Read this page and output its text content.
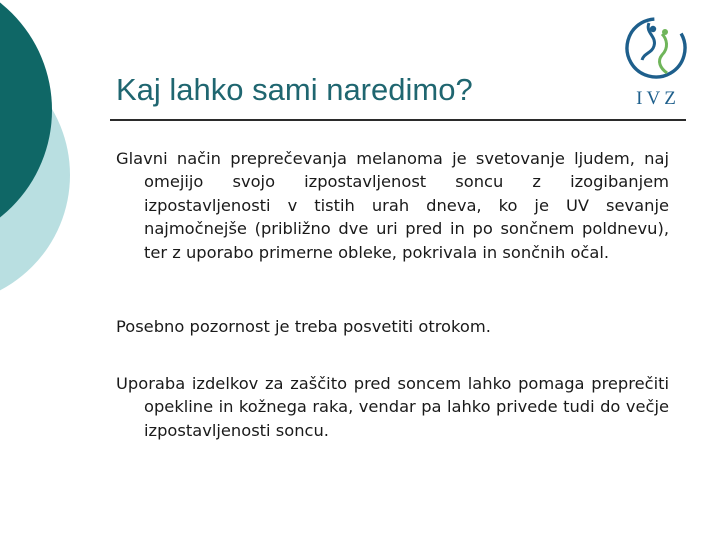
Kaj lahko sami naredimo?	IVZ

Glavni način preprečevanja melanoma je svetovanje ljudem, naj omejijo svojo izpostavljenost soncu z izogibanjem izpostavljenosti v tistih urah dneva, ko je UV sevanje najmočnejše (približno dve uri pred in po sončnem poldnevu), ter z uporabo primerne obleke, pokrivala in sončnih očal.

Posebno pozornost je treba posvetiti otrokom.

Uporaba izdelkov za zaščito pred soncem lahko pomaga preprečiti opekline in kožnega raka, vendar pa lahko privede tudi do večje izpostavljenosti soncu.
